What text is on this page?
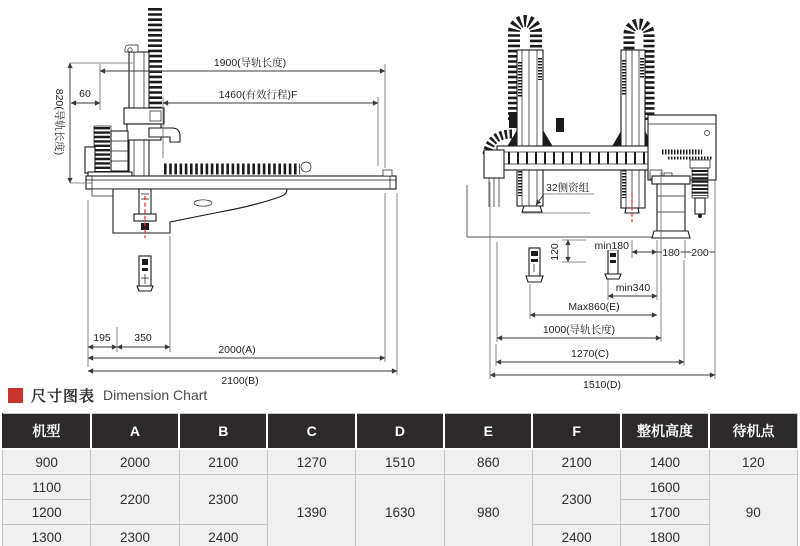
1900(导轨长度)
1460(有效行程)F
60
820(导轨长度)
195 350
2000(A)
2100(B)
32侧资组
min180
180 200
120
min340
Max860(E)
1000(导轨长度)
1270(C)
1510(D)
尺寸图表 Dimension Chart
机型	A	B	C	D	E	F	整机高度	待机点
900	2000	2100	1270	1510	860	2100	1400	120
1100	2200	2300	1390	1630	980	2300	1600	90
1200							1700	
1300	2300	2400				2400	1800	
